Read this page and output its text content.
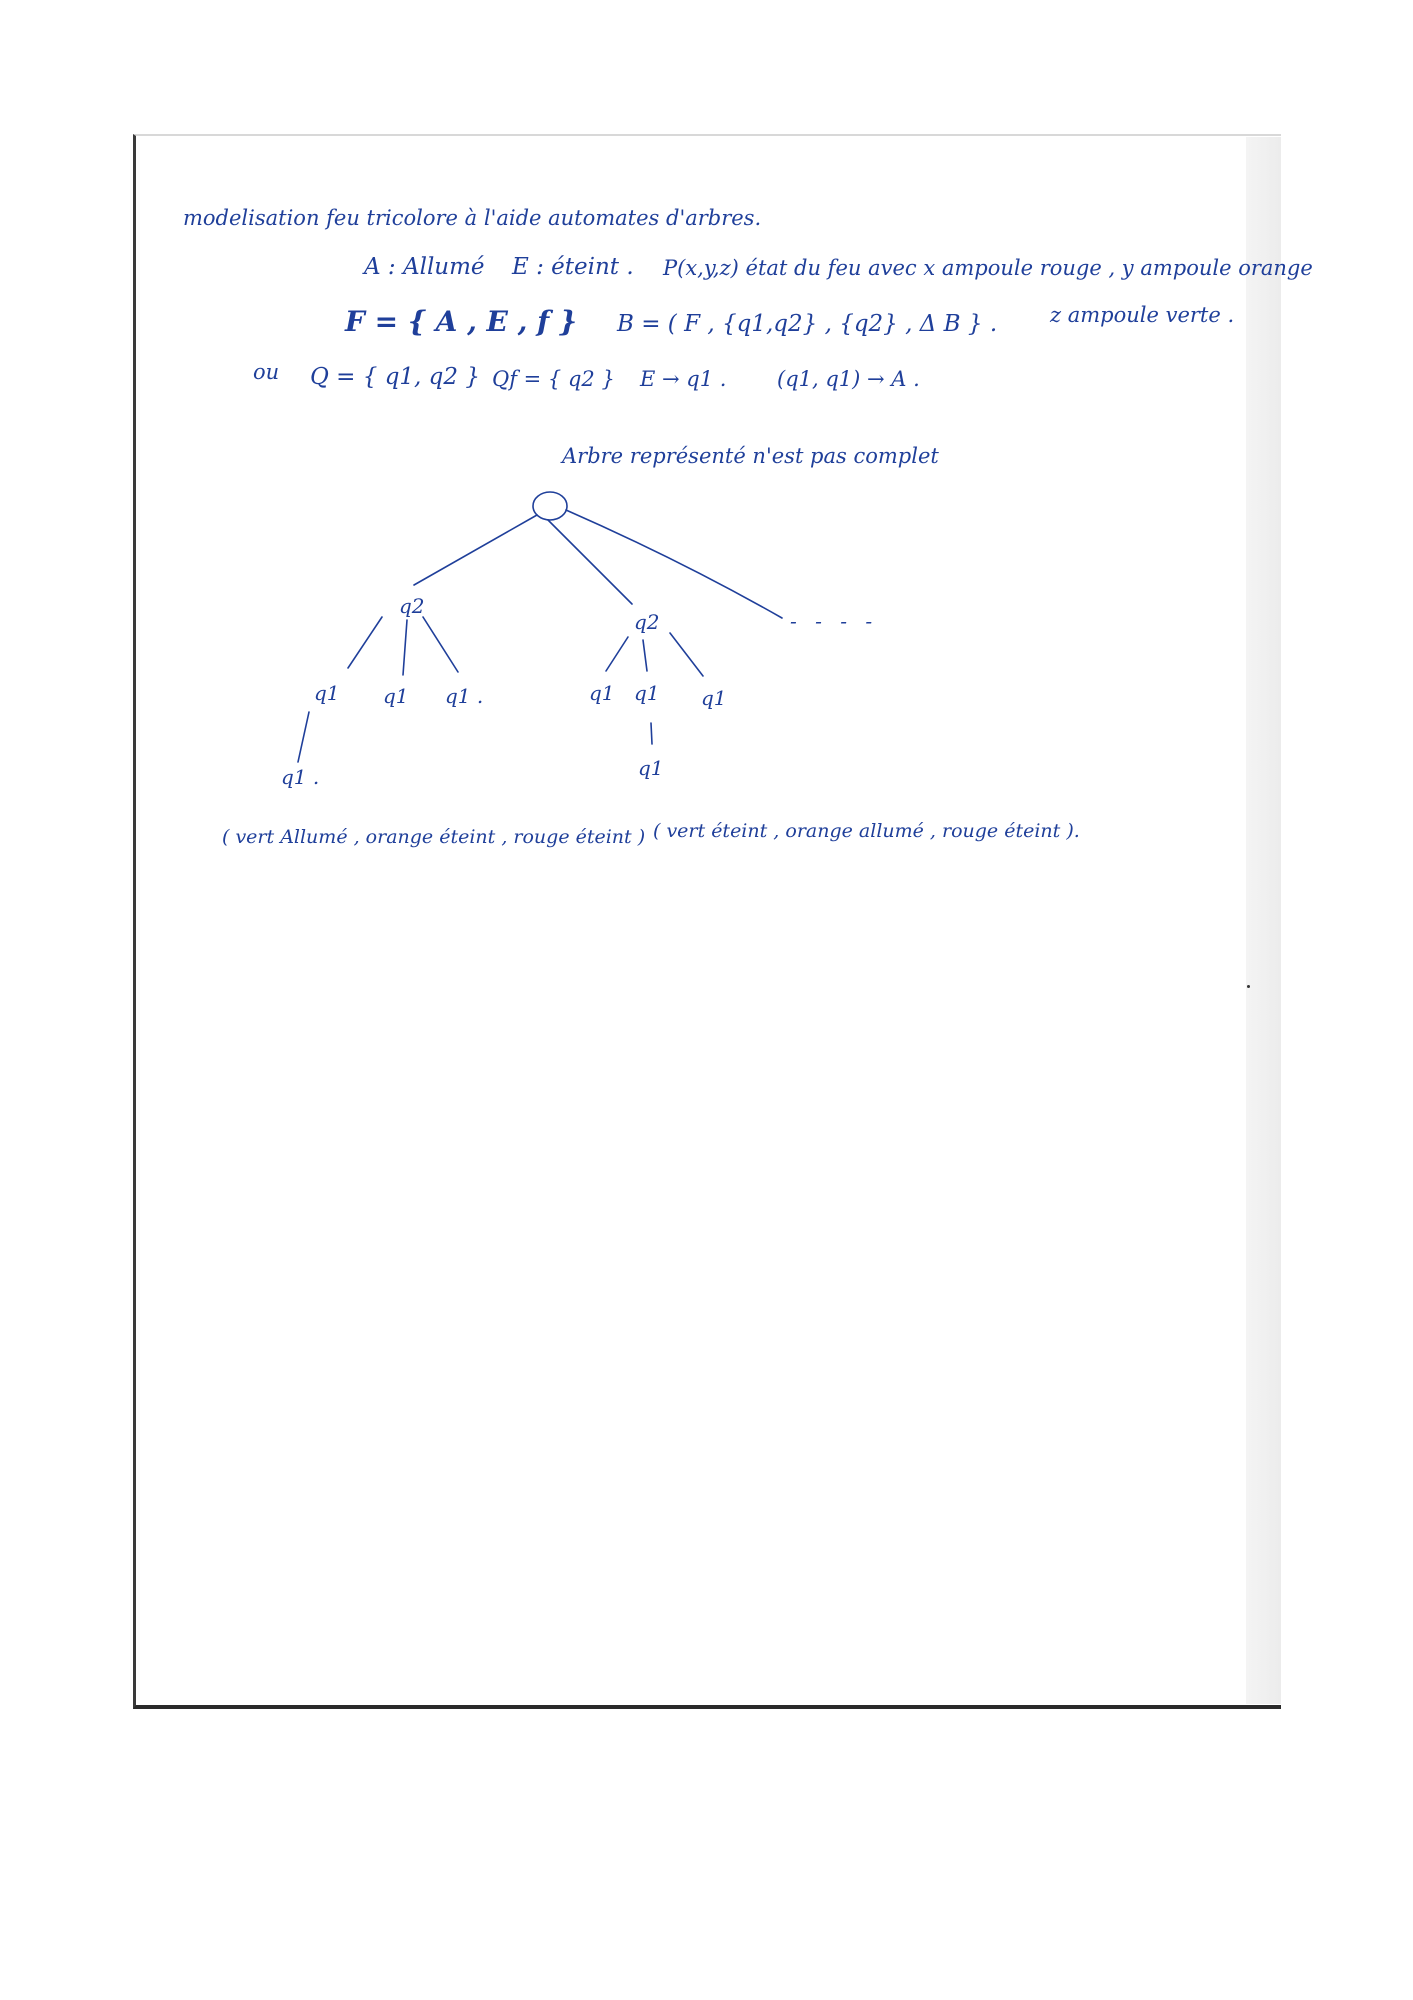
modelisation feu tricolore à l'aide automates d'arbres.
A : Allumé E : éteint . P(x,y,z) état du feu avec x ampoule rouge , y ampoule orange
z ampoule verte .
F = { A , E , f } B = ( F , {q1,q2} , {q2} , Δ B } .
ou Q = { q1, q2 } Qf = { q2 } E → q1 . (q1, q1) → A .
Arbre représenté n'est pas complet
q2
q2	- - - -
q1 q1 q1 .
q1 .
q1 q1 q1
q1
( vert Allumé , orange éteint , rouge éteint ) ( vert éteint , orange allumé , rouge éteint ).
